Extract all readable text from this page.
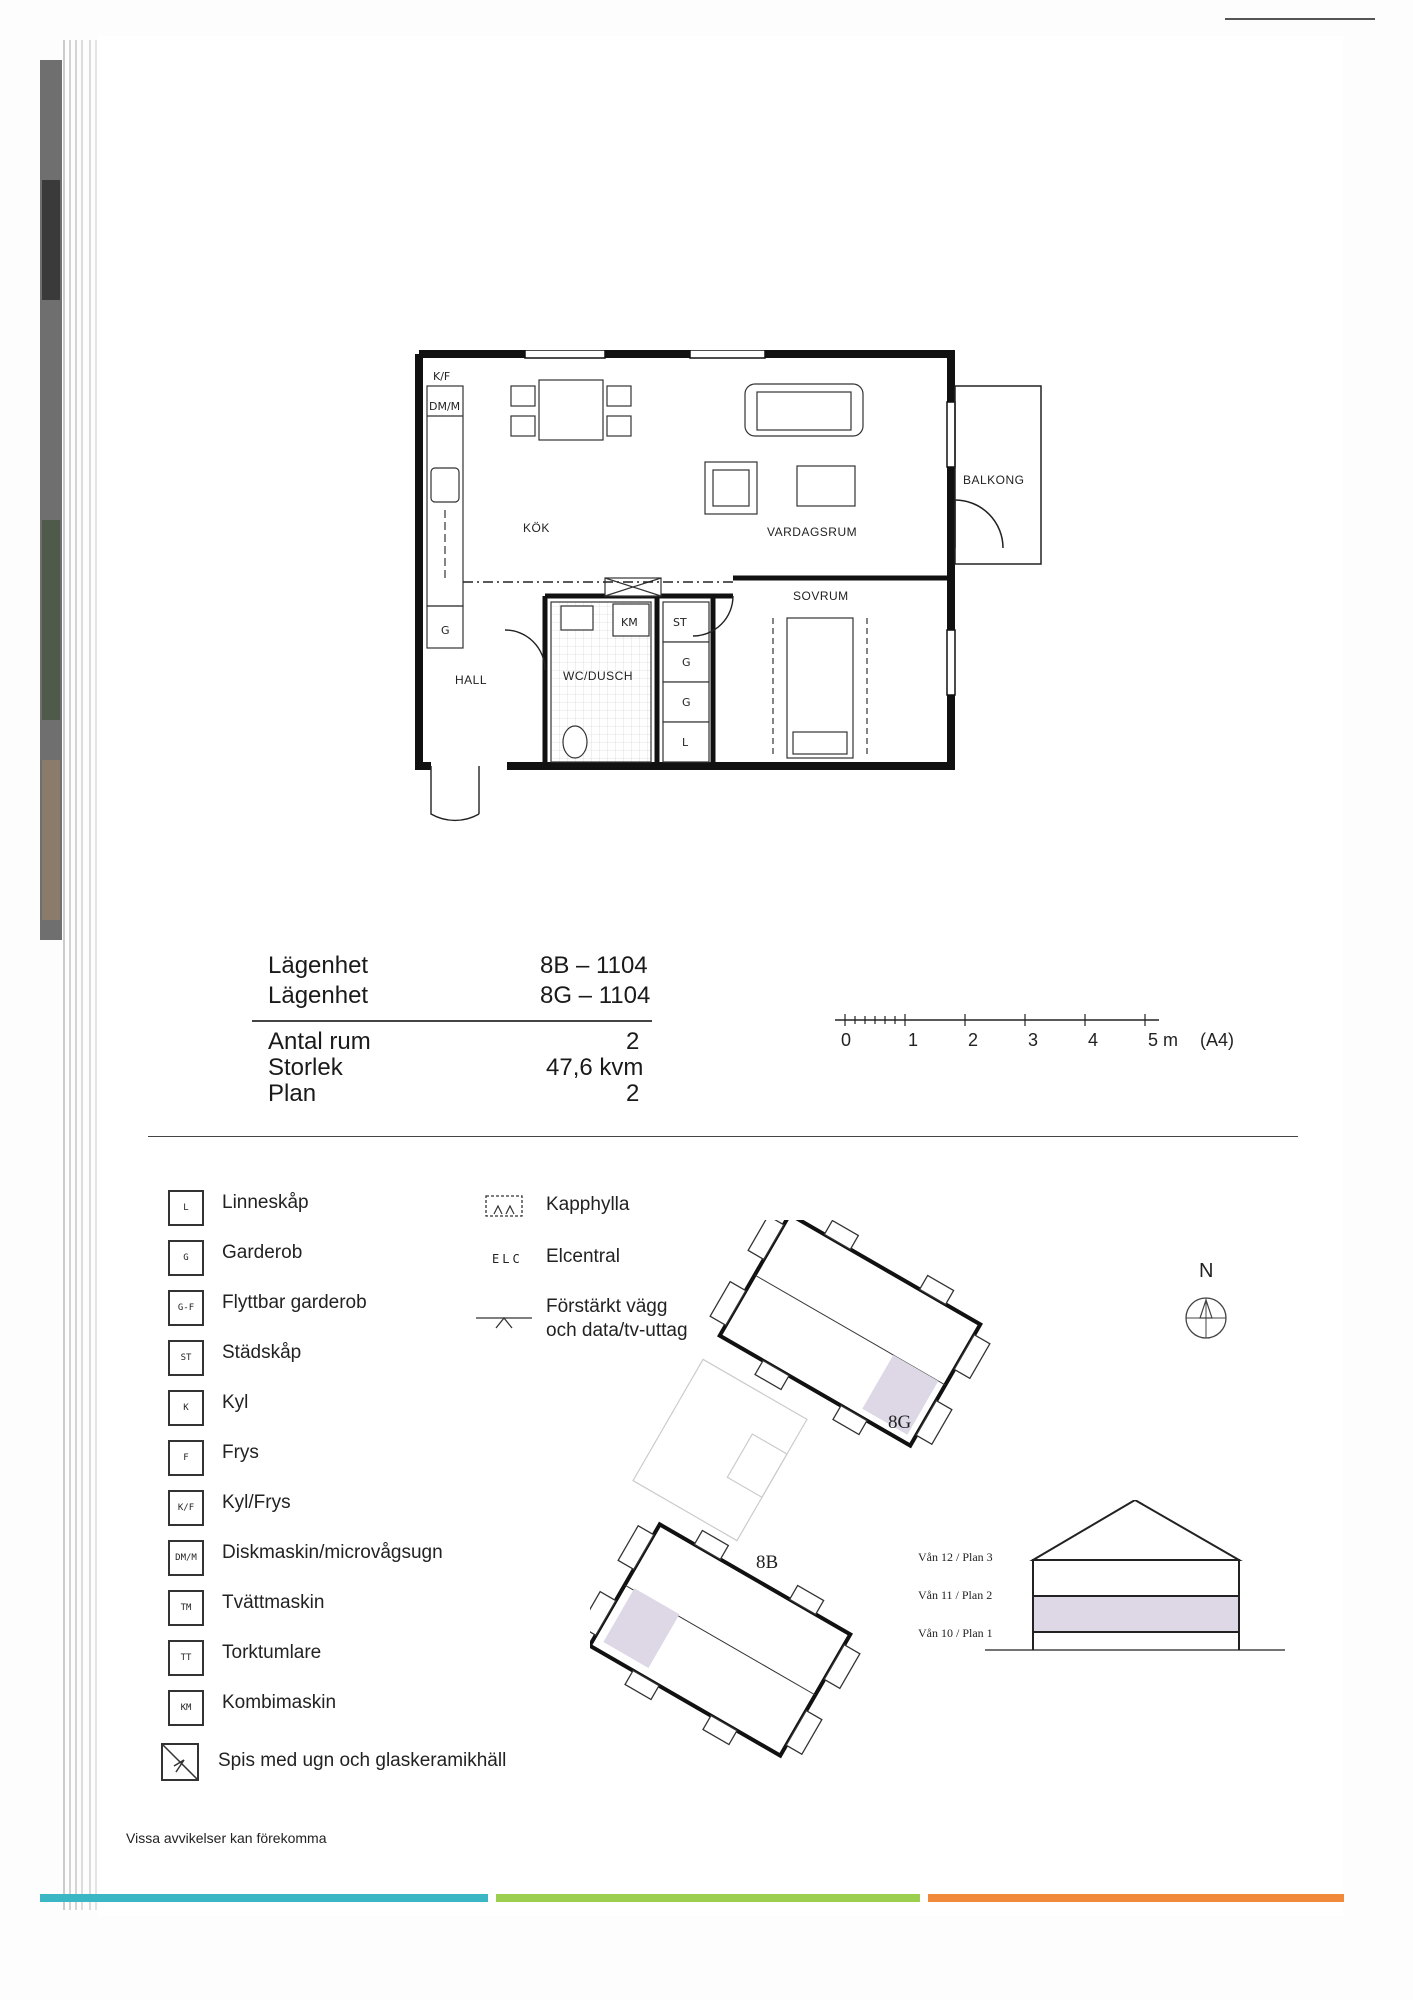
K/F
DM/M
KÖK	VARDAGSRUM
BALKONG
SOVRUM
HALL	WC/DUSCH
KM	ST
G
G
G
L
Lägenhet	8B – 1104
Lägenhet	8G – 1104
Antal rum	2
Storlek	47,6 kvm
Plan	2
0	1	2	3	4	5 m (A4)
L	Linneskåp
G	Garderob
G-F	Flyttbar garderob
ST	Städskåp
K	Kyl
F	Frys
K/F	Kyl/Frys
DM/M	Diskmaskin/microvågsugn
TM	Tvättmaskin
TT	Torktumlare
KM	Kombimaskin
Spis med ugn och glaskeramikhäll
Kapphylla
ELC Elcentral
Förstärkt vägg
och data/tv-uttag
8G
8B
N
Vån 12 / Plan 3
Vån 11 / Plan 2
Vån 10 / Plan 1
Vissa avvikelser kan förekomma
